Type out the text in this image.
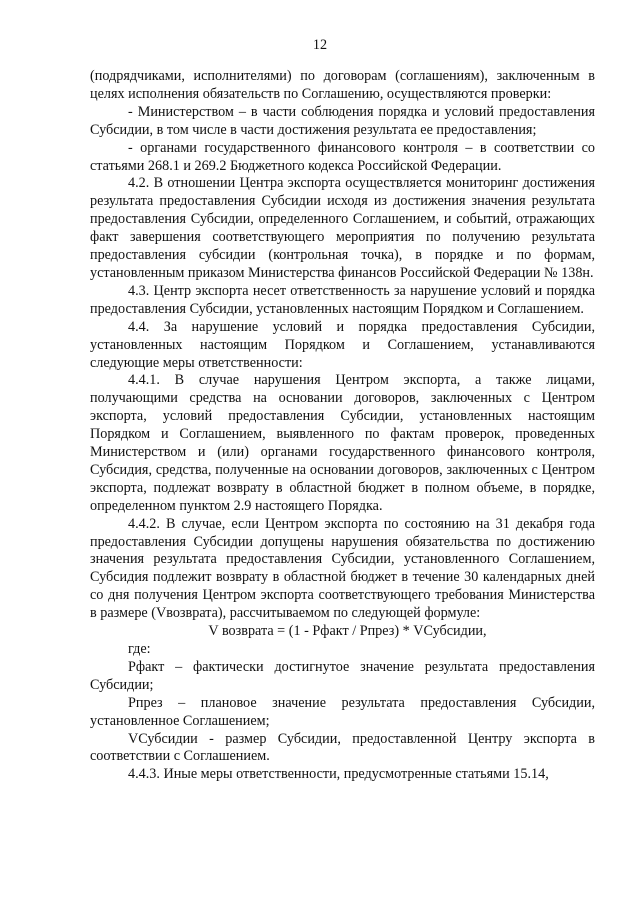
12

(подрядчиками, исполнителями) по договорам (соглашениям), заключенным в целях исполнения обязательств по Соглашению, осуществляются проверки:

- Министерством – в части соблюдения порядка и условий предоставления Субсидии, в том числе в части достижения результата ее предоставления;

- органами государственного финансового контроля – в соответствии со статьями 268.1 и 269.2 Бюджетного кодекса Российской Федерации.

4.2. В отношении Центра экспорта осуществляется мониторинг достижения результата предоставления Субсидии исходя из достижения значения результата предоставления Субсидии, определенного Соглашением, и событий, отражающих факт завершения соответствующего мероприятия по получению результата предоставления субсидии (контрольная точка), в порядке и по формам, установленным приказом Министерства финансов Российской Федерации № 138н.

4.3. Центр экспорта несет ответственность за нарушение условий и порядка предоставления Субсидии, установленных настоящим Порядком и Соглашением.

4.4. За нарушение условий и порядка предоставления Субсидии, установленных настоящим Порядком и Соглашением, устанавливаются следующие меры ответственности:

4.4.1. В случае нарушения Центром экспорта, а также лицами, получающими средства на основании договоров, заключенных с Центром экспорта, условий предоставления Субсидии, установленных настоящим Порядком и Соглашением, выявленного по фактам проверок, проведенных Министерством и (или) органами государственного финансового контроля, Субсидия, средства, полученные на основании договоров, заключенных с Центром экспорта, подлежат возврату в областной бюджет в полном объеме, в порядке, определенном пунктом 2.9 настоящего Порядка.

4.4.2. В случае, если Центром экспорта по состоянию на 31 декабря года предоставления Субсидии допущены нарушения обязательства по достижению значения результата предоставления Субсидии, установленного Соглашением, Субсидия подлежит возврату в областной бюджет в течение 30 календарных дней со дня получения Центром экспорта соответствующего требования Министерства в размере (Vвозврата), рассчитываемом по следующей формуле:

V возврата = (1 - Рфакт / Рпрез) * VСубсидии,

где:

Рфакт – фактически достигнутое значение результата предоставления Субсидии;

Рпрез – плановое значение результата предоставления Субсидии, установленное Соглашением;

VСубсидии - размер Субсидии, предоставленной Центру экспорта в соответствии с Соглашением.

4.4.3. Иные меры ответственности, предусмотренные статьями 15.14,
